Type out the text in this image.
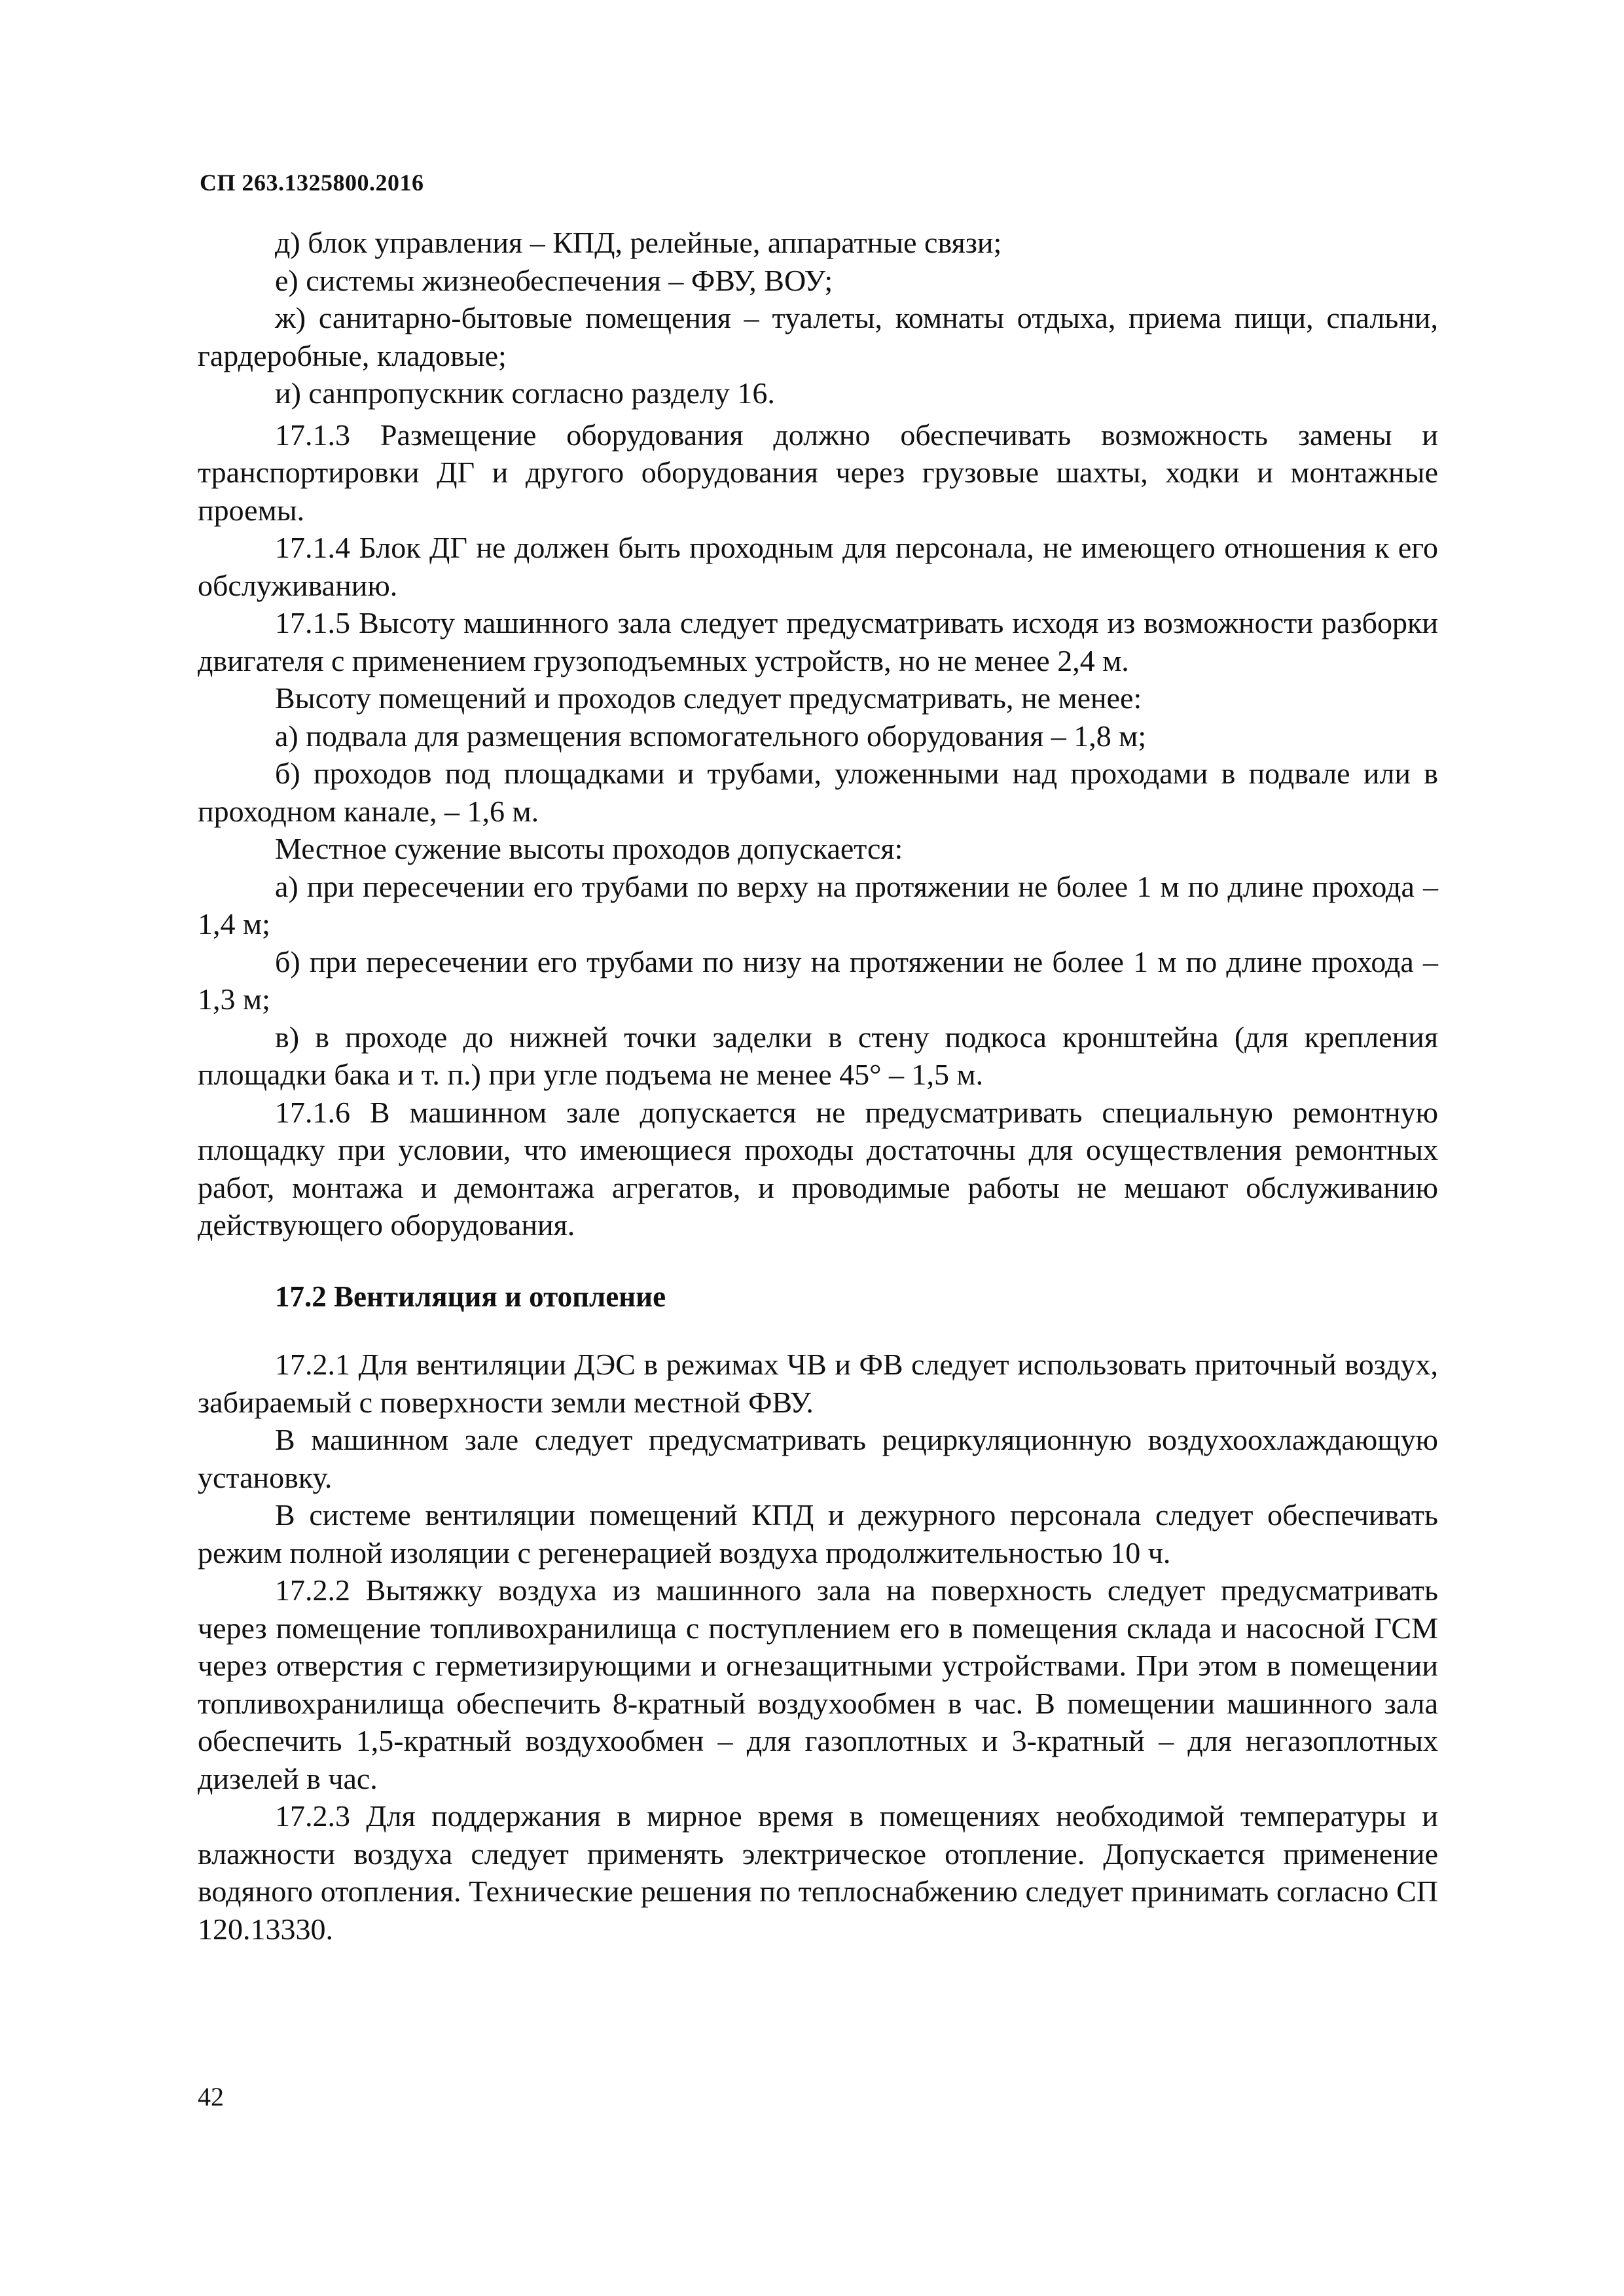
СП 263.1325800.2016

д) блок управления – КПД, релейные, аппаратные связи;

е) системы жизнеобеспечения – ФВУ, ВОУ;

ж) санитарно-бытовые помещения – туалеты, комнаты отдыха, приема пищи, спальни, гардеробные, кладовые;

и) санпропускник согласно разделу 16.

17.1.3 Размещение оборудования должно обеспечивать возможность замены и транспортировки ДГ и другого оборудования через грузовые шахты, ходки и монтажные проемы.

17.1.4 Блок ДГ не должен быть проходным для персонала, не имеющего отношения к его обслуживанию.

17.1.5 Высоту машинного зала следует предусматривать исходя из возможности разборки двигателя с применением грузоподъемных устройств, но не менее 2,4 м.

Высоту помещений и проходов следует предусматривать, не менее:

а) подвала для размещения вспомогательного оборудования – 1,8 м;

б) проходов под площадками и трубами, уложенными над проходами в подвале или в проходном канале, – 1,6 м.

Местное сужение высоты проходов допускается:

а) при пересечении его трубами по верху на протяжении не более 1 м по длине прохода – 1,4 м;

б) при пересечении его трубами по низу на протяжении не более 1 м по длине прохода – 1,3 м;

в) в проходе до нижней точки заделки в стену подкоса кронштейна (для крепления площадки бака и т. п.) при угле подъема не менее 45° – 1,5 м.

17.1.6 В машинном зале допускается не предусматривать специальную ремонтную площадку при условии, что имеющиеся проходы достаточны для осуществления ремонтных работ, монтажа и демонтажа агрегатов, и проводимые работы не мешают обслуживанию действующего оборудования.

17.2 Вентиляция и отопление

17.2.1 Для вентиляции ДЭС в режимах ЧВ и ФВ следует использовать приточный воздух, забираемый с поверхности земли местной ФВУ.

В машинном зале следует предусматривать рециркуляционную воздухоохлаждающую установку.

В системе вентиляции помещений КПД и дежурного персонала следует обеспечивать режим полной изоляции с регенерацией воздуха продолжительностью 10 ч.

17.2.2 Вытяжку воздуха из машинного зала на поверхность следует предусматривать через помещение топливохранилища с поступлением его в помещения склада и насосной ГСМ через отверстия с герметизирующими и огнезащитными устройствами. При этом в помещении топливохранилища обеспечить 8-кратный воздухообмен в час. В помещении машинного зала обеспечить 1,5-кратный воздухообмен – для газоплотных и 3-кратный – для негазоплотных дизелей в час.

17.2.3 Для поддержания в мирное время в помещениях необходимой температуры и влажности воздуха следует применять электрическое отопление. Допускается применение водяного отопления. Технические решения по теплоснабжению следует принимать согласно СП 120.13330.

42
